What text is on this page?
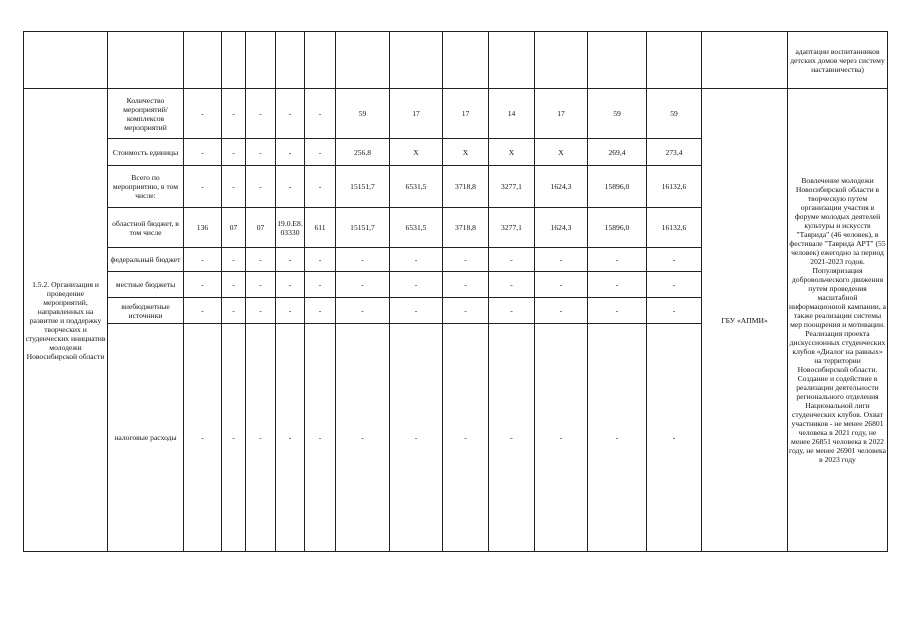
															адаптации воспитанников детских домов через систему наставничества)
1.5.2. Организация и проведение мероприятий, направленных на развитие и поддержку творческих и студенческих инициатив молодежи Новосибирской области	Количество мероприятий/комплексов мероприятий	-	-	-	-	-	59	17	17	14	17	59	59	ГБУ «АПМИ»	Вовлечение молодежи Новосибирской области в творческую путем организации участия в форуме молодых деятелей культуры и искусств "Таврида" (46 человек), в фестивале "Таврида АРТ" (55 человек) ежегодно за период 2021-2023 годов. Популяризация добровольческого движения путем проведения масштабной информационной кампании, а также реализации системы мер поощрения и мотивации. Реализация проекта дискуссионных студенческих клубов «Диалог на равных» на территории Новосибирской области. Создание и содействие в реализации деятельности регионального отделения Национальной лиги студенческих клубов. Охват участников - не менее 26801 человека в 2021 году, не менее 26851 человека в 2022 году, не менее 26901 человека в 2023 году
	Стоимость единицы	-	-	-	-	-	256,8	X	X	X	X	269,4	273,4		
	Всего по мероприятию, в том числе:	-	-	-	-	-	15151,7	6531,5	3718,8	3277,1	1624,3	15896,0	16132,6		
	областной бюджет, в том числе	136	07	07	19.0.E8.03330	611	15151,7	6531,5	3718,8	3277,1	1624,3	15896,0	16132,6		
	федеральный бюджет	-	-	-	-	-	-	-	-	-	-	-	-		
	местные бюджеты	-	-	-	-	-	-	-	-	-	-	-	-		
	внебюджетные источники	-	-	-	-	-	-	-	-	-	-	-	-		
	налоговые расходы	-	-	-	-	-	-	-	-	-	-	-	-		
